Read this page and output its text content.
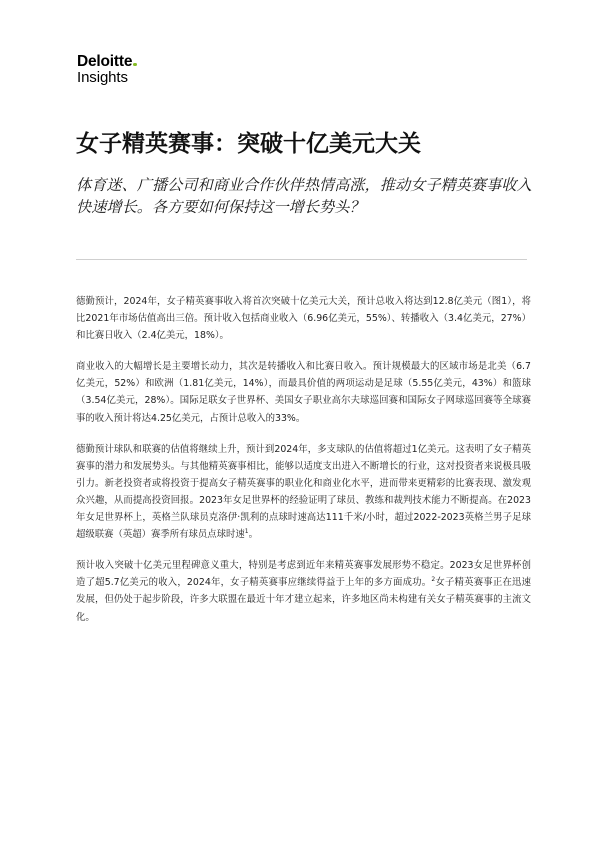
Deloitte
Insights
女子精英赛事：突破十亿美元大关

体育迷、广播公司和商业合作伙伴热情高涨，推动女子精英赛事收入快速增长。各方要如何保持这一增长势头？

德勤预计，2024年，女子精英赛事收入将首次突破十亿美元大关，预计总收入将达到12.8亿美元（图1），将比2021年市场估值高出三倍。预计收入包括商业收入（6.96亿美元，55%）、转播收入（3.4亿美元，27%）和比赛日收入（2.4亿美元，18%）。

商业收入的大幅增长是主要增长动力，其次是转播收入和比赛日收入。预计规模最大的区域市场是北美（6.7亿美元，52%）和欧洲（1.81亿美元，14%），而最具价值的两项运动是足球（5.55亿美元，43%）和篮球（3.54亿美元，28%）。国际足联女子世界杯、美国女子职业高尔夫球巡回赛和国际女子网球巡回赛等全球赛事的收入预计将达4.25亿美元，占预计总收入的33%。

德勤预计球队和联赛的估值将继续上升，预计到2024年，多支球队的估值将超过1亿美元。这表明了女子精英赛事的潜力和发展势头。与其他精英赛事相比，能够以适度支出进入不断增长的行业，这对投资者来说极具吸引力。新老投资者或将投资于提高女子精英赛事的职业化和商业化水平，进而带来更精彩的比赛表现、激发观众兴趣，从而提高投资回报。2023年女足世界杯的经验证明了球员、教练和裁判技术能力不断提高。在2023年女足世界杯上，英格兰队球员克洛伊·凯利的点球时速高达111千米/小时，超过2022-2023英格兰男子足球超级联赛（英超）赛季所有球员点球时速$^1$。

预计收入突破十亿美元里程碑意义重大，特别是考虑到近年来精英赛事发展形势不稳定。2023女足世界杯创造了超5.7亿美元的收入，2024年，女子精英赛事应继续得益于上年的多方面成功。$^2$女子精英赛事正在迅速发展，但仍处于起步阶段，许多大联盟在最近十年才建立起来，许多地区尚未构建有关女子精英赛事的主流文化。
